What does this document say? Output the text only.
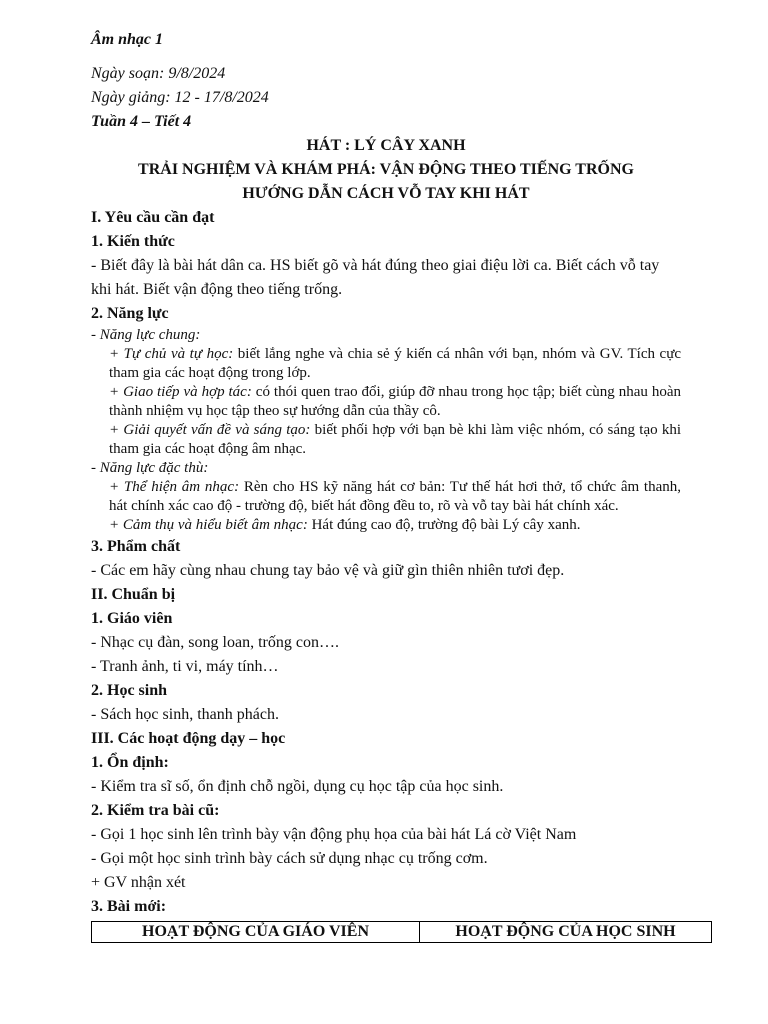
Âm nhạc 1

Ngày soạn: 9/8/2024

Ngày giảng: 12 - 17/8/2024

Tuần 4 – Tiết 4

HÁT : LÝ CÂY XANH

TRẢI NGHIỆM VÀ KHÁM PHÁ: VẬN ĐỘNG THEO TIẾNG TRỐNG

HƯỚNG DẪN CÁCH VỖ TAY KHI HÁT

I. Yêu cầu cần đạt

1. Kiến thức

- Biết đây là bài hát dân ca. HS biết gõ và hát đúng theo giai điệu lời ca. Biết cách vỗ tay khi hát. Biết vận động theo tiếng trống.

2. Năng lực

- Năng lực chung:

+ Tự chủ và tự học: biết lắng nghe và chia sẻ ý kiến cá nhân với bạn, nhóm và GV. Tích cực tham gia các hoạt động trong lớp.

+ Giao tiếp và hợp tác: có thói quen trao đổi, giúp đỡ nhau trong học tập; biết cùng nhau hoàn thành nhiệm vụ học tập theo sự hướng dẫn của thầy cô.

+ Giải quyết vấn đề và sáng tạo: biết phối hợp với bạn bè khi làm việc nhóm, có sáng tạo khi tham gia các hoạt động âm nhạc.

- Năng lực đặc thù:

+ Thể hiện âm nhạc: Rèn cho HS kỹ năng hát cơ bản: Tư thế hát hơi thở, tổ chức âm thanh, hát chính xác cao độ - trường độ, biết hát đồng đều to, rõ và vỗ tay bài hát chính xác.

+ Cảm thụ và hiểu biết âm nhạc: Hát đúng cao độ, trường độ bài Lý cây xanh.

3. Phẩm chất

- Các em hãy cùng nhau chung tay bảo vệ và giữ gìn thiên nhiên tươi đẹp.

II. Chuẩn bị

1. Giáo viên

- Nhạc cụ đàn, song loan, trống con….

- Tranh ảnh, ti vi, máy tính…

2. Học sinh

- Sách học sinh, thanh phách.

III. Các hoạt động dạy – học

1. Ổn định:

- Kiểm tra sĩ số, ổn định chỗ ngồi, dụng cụ học tập của học sinh.

2. Kiểm tra bài cũ:

- Gọi 1 học sinh lên trình bày vận động phụ họa của bài hát Lá cờ Việt Nam

- Gọi một học sinh trình bày cách sử dụng nhạc cụ trống cơm.

+ GV nhận xét

3. Bài mới:

HOẠT ĐỘNG CỦA GIÁO VIÊN	HOẠT ĐỘNG CỦA HỌC SINH
